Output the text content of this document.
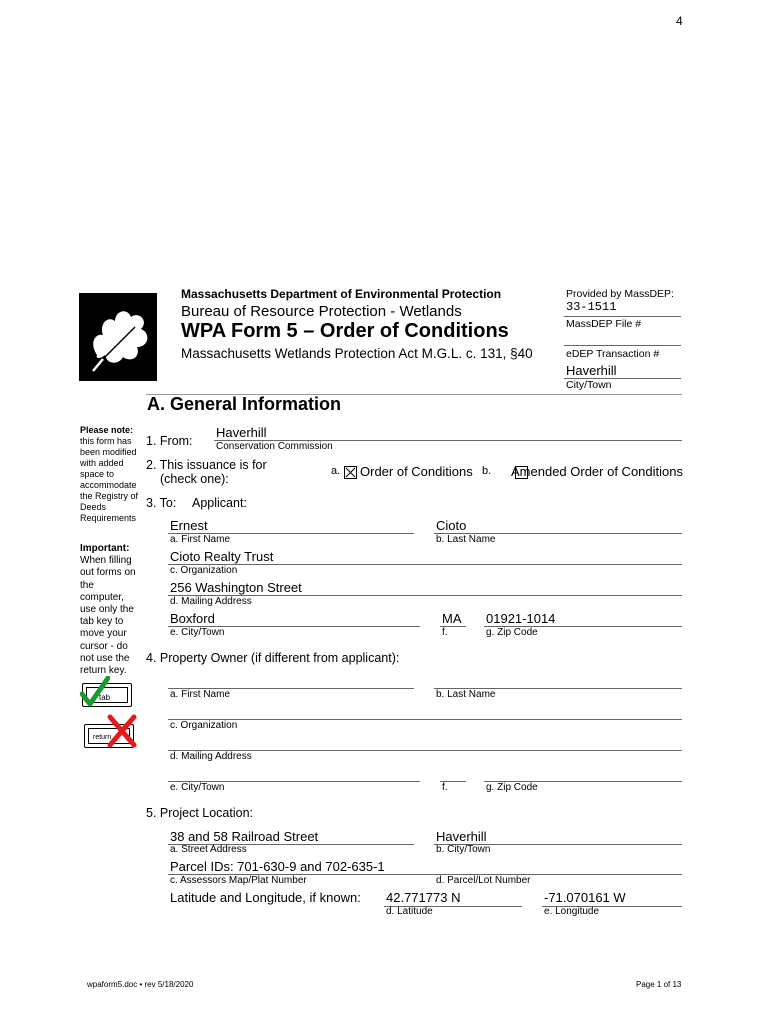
4
Massachusetts Department of Environmental Protection
Bureau of Resource Protection - Wetlands
WPA Form 5 – Order of Conditions
Massachusetts Wetlands Protection Act M.G.L. c. 131, §40
Provided by MassDEP:
33-1511
MassDEP File #
eDEP Transaction #
Haverhill
City/Town
A. General Information
Please note:
this form has been modified with added space to accommodate the Registry of Deeds Requirements
Important:
When filling out forms on the computer, use only the tab key to move your cursor - do not use the return key.
tab
return
1. From:
Haverhill
Conservation Commission
2. This issuance is for
(check one):
a.
Order of Conditions b. Amended Order of Conditions
3. To: Applicant:
Ernest
a. First Name
Cioto
b. Last Name
Cioto Realty Trust
c. Organization
256 Washington Street
d. Mailing Address
Boxford
e. City/Town
MA
f.
01921-1014
g. Zip Code
4. Property Owner (if different from applicant):
a. First Name	b. Last Name
c. Organization
d. Mailing Address
e. City/Town	f.	g. Zip Code
5. Project Location:
38 and 58 Railroad Street
a. Street Address
Haverhill
b. City/Town
Parcel IDs: 701-630-9 and 702-635-1
c. Assessors Map/Plat Number	d. Parcel/Lot Number
Latitude and Longitude, if known: 42.771773 N
d. Latitude
-71.070161 W
e. Longitude
wpaform5.doc • rev 5/18/2020	Page 1 of 13
